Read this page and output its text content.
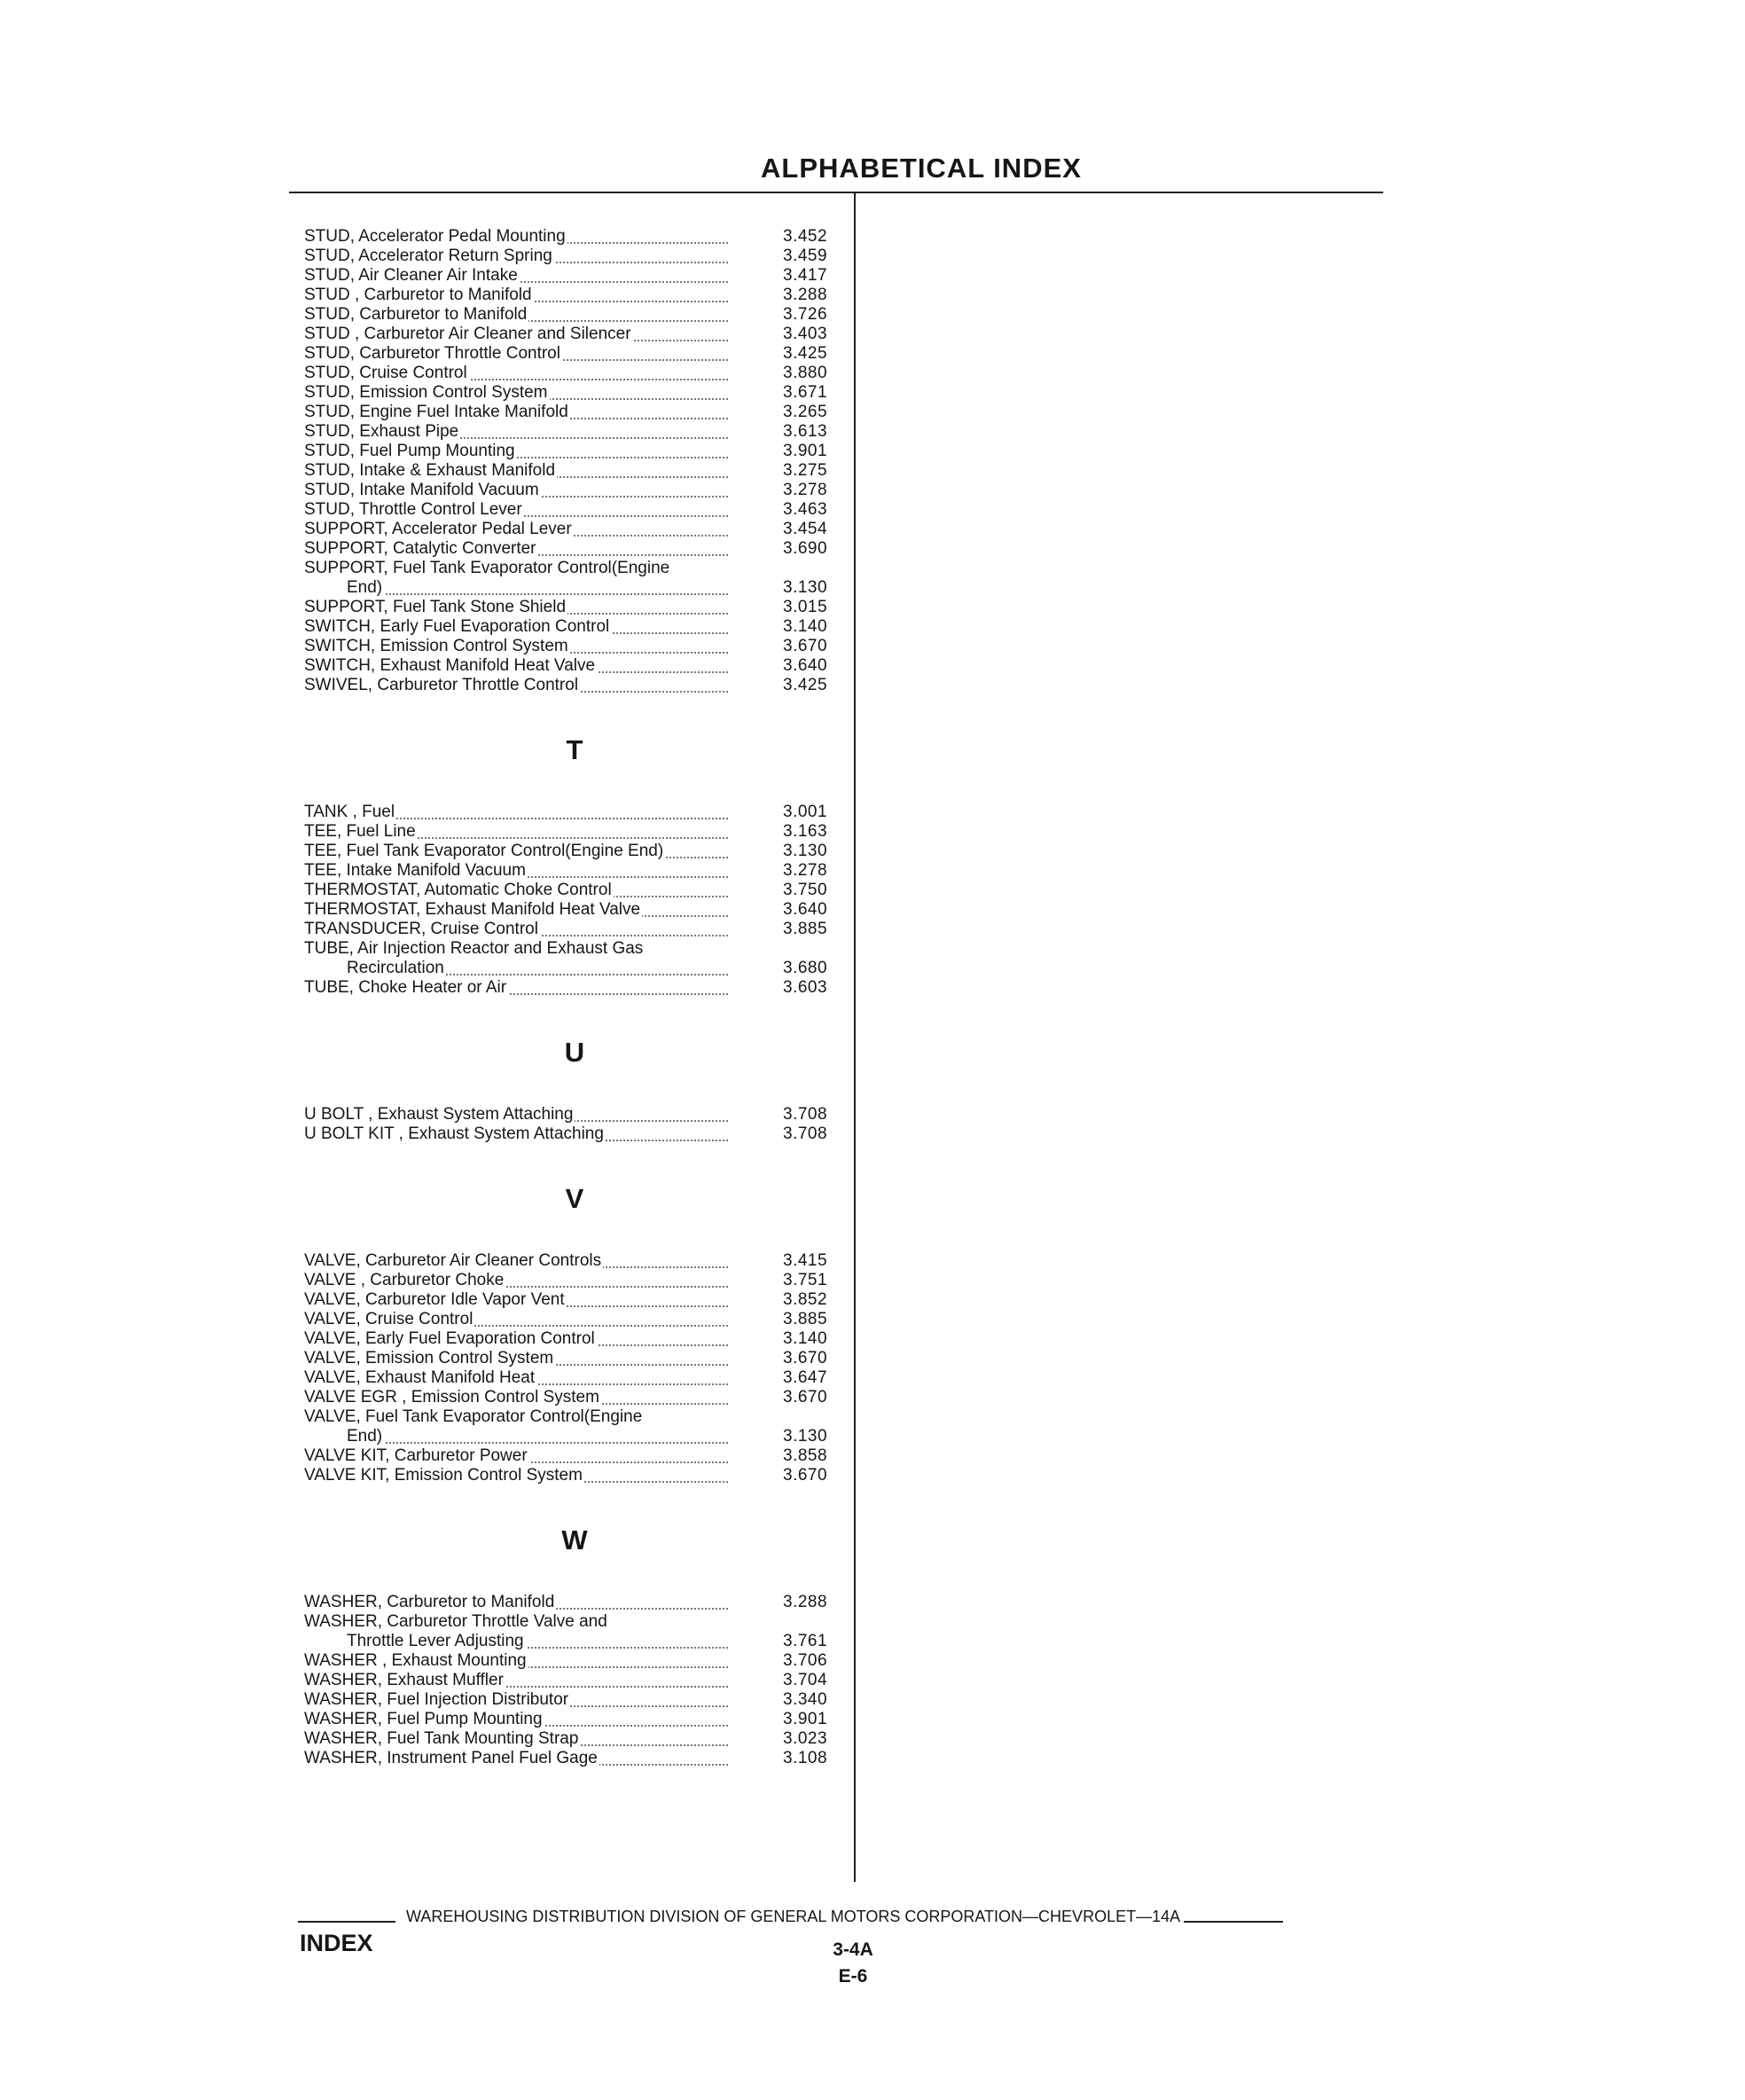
ALPHABETICAL INDEX
STUD, Accelerator Pedal Mounting	3.452
STUD, Accelerator Return Spring	3.459
STUD, Air Cleaner Air Intake	3.417
STUD , Carburetor to Manifold	3.288
STUD, Carburetor to Manifold	3.726
STUD , Carburetor Air Cleaner and Silencer	3.403
STUD, Carburetor Throttle Control	3.425
STUD, Cruise Control	3.880
STUD, Emission Control System	3.671
STUD, Engine Fuel Intake Manifold	3.265
STUD, Exhaust Pipe	3.613
STUD, Fuel Pump Mounting	3.901
STUD, Intake & Exhaust Manifold	3.275
STUD, Intake Manifold Vacuum	3.278
STUD, Throttle Control Lever	3.463
SUPPORT, Accelerator Pedal Lever	3.454
SUPPORT, Catalytic Converter	3.690
SUPPORT, Fuel Tank Evaporator Control(Engine
End)	3.130
SUPPORT, Fuel Tank Stone Shield	3.015
SWITCH, Early Fuel Evaporation Control	3.140
SWITCH, Emission Control System	3.670
SWITCH, Exhaust Manifold Heat Valve	3.640
SWIVEL, Carburetor Throttle Control	3.425
T
TANK , Fuel	3.001
TEE, Fuel Line	3.163
TEE, Fuel Tank Evaporator Control(Engine End)	3.130
TEE, Intake Manifold Vacuum	3.278
THERMOSTAT, Automatic Choke Control	3.750
THERMOSTAT, Exhaust Manifold Heat Valve	3.640
TRANSDUCER, Cruise Control	3.885
TUBE, Air Injection Reactor and Exhaust Gas
Recirculation	3.680
TUBE, Choke Heater or Air	3.603
U
U BOLT , Exhaust System Attaching	3.708
U BOLT KIT , Exhaust System Attaching	3.708
V
VALVE, Carburetor Air Cleaner Controls	3.415
VALVE , Carburetor Choke	3.751
VALVE, Carburetor Idle Vapor Vent	3.852
VALVE, Cruise Control	3.885
VALVE, Early Fuel Evaporation Control	3.140
VALVE, Emission Control System	3.670
VALVE, Exhaust Manifold Heat	3.647
VALVE EGR , Emission Control System	3.670
VALVE, Fuel Tank Evaporator Control(Engine
End)	3.130
VALVE KIT, Carburetor Power	3.858
VALVE KIT, Emission Control System	3.670
W
WASHER, Carburetor to Manifold	3.288
WASHER, Carburetor Throttle Valve and
Throttle Lever Adjusting	3.761
WASHER , Exhaust Mounting	3.706
WASHER, Exhaust Muffler	3.704
WASHER, Fuel Injection Distributor	3.340
WASHER, Fuel Pump Mounting	3.901
WASHER, Fuel Tank Mounting Strap	3.023
WASHER, Instrument Panel Fuel Gage	3.108
WAREHOUSING DISTRIBUTION DIVISION OF GENERAL MOTORS CORPORATION—CHEVROLET—14A
INDEX	3-4A
E-6
